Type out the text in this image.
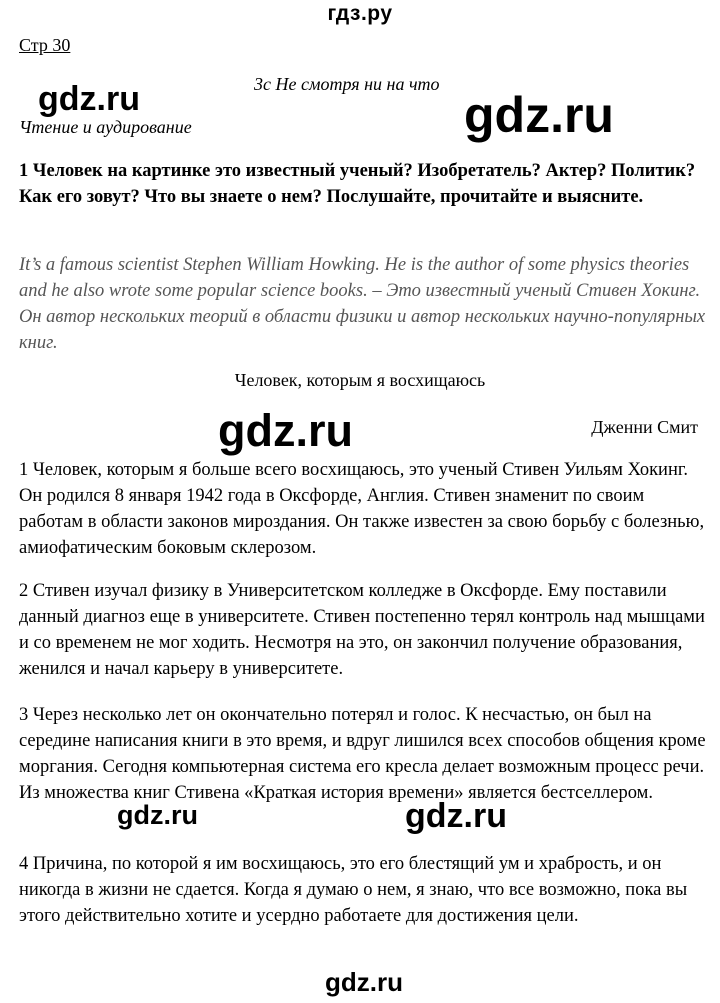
гдз.ру
Стр 30
3c Не смотря ни на что
Чтение и аудирование
1 Человек на картинке это известный ученый? Изобретатель? Актер? Политик? Как его зовут? Что вы знаете о нем? Послушайте, прочитайте и выясните.
It’s a famous scientist Stephen William Howking. He is the author of some physics theories and he also wrote some popular science books. – Это известный ученый Стивен Хокинг. Он автор нескольких теорий в области физики и автор нескольких научно-популярных книг.
Человек, которым я восхищаюсь
Дженни Смит
1 Человек, которым я больше всего восхищаюсь, это ученый Стивен Уильям Хокинг. Он родился 8 января 1942 года в Оксфорде, Англия. Стивен знаменит по своим работам в области законов мироздания. Он также известен за свою борьбу с болезнью, амиофатическим боковым склерозом.
2 Стивен изучал физику в Университетском колледже в Оксфорде. Ему поставили данный диагноз еще в университете. Стивен постепенно терял контроль над мышцами и со временем не мог ходить. Несмотря на это, он закончил получение образования, женился и начал карьеру в университете.
3 Через несколько лет он окончательно потерял и голос. К несчастью, он был на середине написания книги в это время, и вдруг лишился всех способов общения кроме моргания. Сегодня компьютерная система его кресла делает возможным процесс речи. Из множества книг Стивена «Краткая история времени» является бестселлером.
4 Причина, по которой я им восхищаюсь, это его блестящий ум и храбрость, и он никогда в жизни не сдается. Когда я думаю о нем, я знаю, что все возможно, пока вы этого действительно хотите и усердно работаете для достижения цели.
gdz.ru	gdz.ru
gdz.ru
gdz.ru	gdz.ru
gdz.ru
